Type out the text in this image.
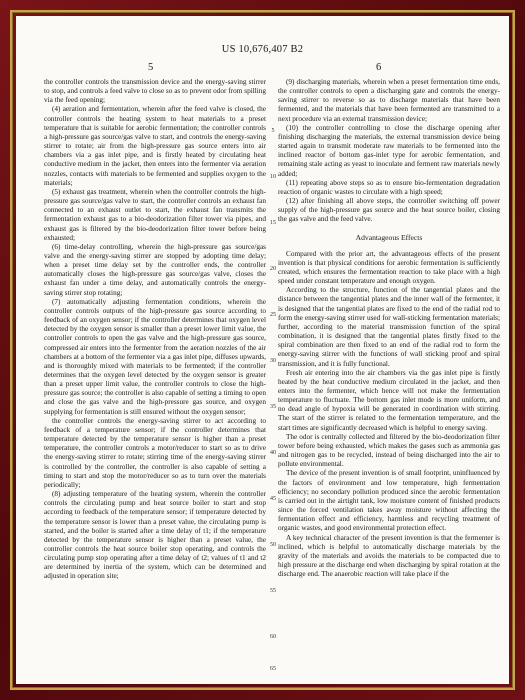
US 10,676,407 B2
5	6

the controller controls the transmission device and the energy-saving stirrer to stop, and controls a feed valve to close so as to prevent odor from spilling via the feed opening;

(4) aeration and fermentation, wherein after the feed valve is closed, the controller controls the heating system to heat materials to a preset temperature that is suitable for aerobic fermentation; the controller controls a high-pressure gas source/gas valve to start, and controls the energy-saving stirrer to rotate; air from the high-pressure gas source enters into air chambers via a gas inlet pipe, and is firstly heated by circulating heat conductive medium in the jacket, then enters into the fermenter via aeration nozzles, contacts with materials to be fermented and supplies oxygen to the materials;

(5) exhaust gas treatment, wherein when the controller controls the high-pressure gas source/gas valve to start, the controller controls an exhaust fan connected to an exhaust outlet to start, the exhaust fan transmits the fermentation exhaust gas to a bio-deodorization filter tower via pipes, and exhaust gas is filtered by the bio-deodorization filter tower before being exhausted;

(6) time-delay controlling, wherein the high-pressure gas source/gas valve and the energy-saving stirrer are stopped by adopting time delay; when a preset time delay set by the controller ends, the controller automatically closes the high-pressure gas source/gas valve, closes the exhaust fan under a time delay, and automatically controls the energy-saving stirrer stop rotating;

(7) automatically adjusting fermentation conditions, wherein the controller controls outputs of the high-pressure gas source according to feedback of an oxygen sensor; if the controller determines that oxygen level detected by the oxygen sensor is smaller than a preset lower limit value, the controller controls to open the gas valve and the high-pressure gas source, compressed air enters into the fermenter from the aeration nozzles of the air chambers at a bottom of the fermenter via a gas inlet pipe, diffuses upwards, and is thoroughly mixed with materials to be fermented; if the controller determines that the oxygen level detected by the oxygen sensor is greater than a preset upper limit value, the controller controls to close the high-pressure gas source; the controller is also capable of setting a timing to open and close the gas valve and the high-pressure gas source, and oxygen supplying for fermentation is still ensured without the oxygen sensor;

the controller controls the energy-saving stirrer to act according to feedback of a temperature sensor; if the controller determines that temperature detected by the temperature sensor is higher than a preset temperature, the controller controls a motor/reducer to start so as to drive the energy-saving stirrer to rotate; stirring time of the energy-saving stirrer is controlled by the controller, the controller is also capable of setting a timing to start and stop the motor/reducer so as to turn over the materials periodically;

(8) adjusting temperature of the heating system, wherein the controller controls the circulating pump and heat source boiler to start and stop according to feedback of the temperature sensor; if temperature detected by the temperature sensor is lower than a preset value, the circulating pump is started, and the boiler is started after a time delay of t1; if the temperature detected by the temperature sensor is higher than a preset value, the controller controls the heat source boiler stop operating, and controls the circulating pump stop operating after a time delay of t2; values of t1 and t2 are determined by inertia of the system, which can be determined and adjusted in operation site;

(9) discharging materials, wherein when a preset fermentation time ends, the controller controls to open a discharging gate and controls the energy-saving stirrer to reverse so as to discharge materials that have been fermented, and the materials that have been fermented are transmitted to a next procedure via an external transmission device;

(10) the controller controlling to close the discharge opening after finishing discharging the materials, the external transmission device being started again to transmit moderate raw materials to be fermented into the inclined reactor of bottom gas-inlet type for aerobic fermentation, and remaining stale acting as yeast to inoculate and ferment raw materials newly added;

(11) repeating above steps so as to ensure bio-fermentation degradation reaction of organic wastes to circulate with a high speed;

(12) after finishing all above steps, the controller switching off power supply of the high-pressure gas source and the heat source boiler, closing the gas valve and the feed valve.

Advantageous Effects

Compared with the prior art, the advantageous effects of the present invention is that physical conditions for aerobic fermentation is sufficiently created, which ensures the fermentation reaction to take place with a high speed under constant temperature and enough oxygen.

According to the structure, function of the tangential plates and the distance between the tangential plates and the inner wall of the fermenter, it is designed that the tangential plates are fixed to the end of the radial rod to form the energy-saving stirrer used for wall-sticking fermentation materials; further, according to the material transmission function of the spiral combination, it is designed that the tangential plates firstly fixed to the spiral combination are then fixed to an end of the radial rod to form the energy-saving stirrer with the functions of wall sticking proof and spiral transmission, and it is fully functional.

Fresh air entering into the air chambers via the gas inlet pipe is firstly heated by the heat conductive medium circulated in the jacket, and then enters into the fermenter, which hence will not make the fermentation temperature to fluctuate. The bottom gas inlet mode is more uniform, and no dead angle of hypoxia will be generated in coordination with stirring. The start of the stirrer is related to the fermentation temperature, and the start times are significantly decreased which is helpful to energy saving.

The odor is centrally collected and filtered by the bio-deodorization filter tower before being exhausted, which makes the gases such as ammonia gas and nitrogen gas to be recycled, instead of being discharged into the air to pollute environmental.

The device of the present invention is of small footprint, uninfluenced by the factors of environment and low temperature, high fermentation efficiency; no secondary pollution produced since the aerobic fermentation is carried out in the airtight tank, low moisture content of finished products since the forced ventilation takes away moisture without affecting the fermentation effect and efficiency, harmless and recycling treatment of organic wastes, and good environmental protection effect.

A key technical character of the present invention is that the fermenter is inclined, which is helpful to automatically discharge materials by the gravity of the materials and avoids the materials to be compacted due to high pressure at the discharge end when discharging by spiral rotation at the discharge end. The anaerobic reaction will take place if the

5
10
15
20
25
30
35
40
45
50
55
60
65
